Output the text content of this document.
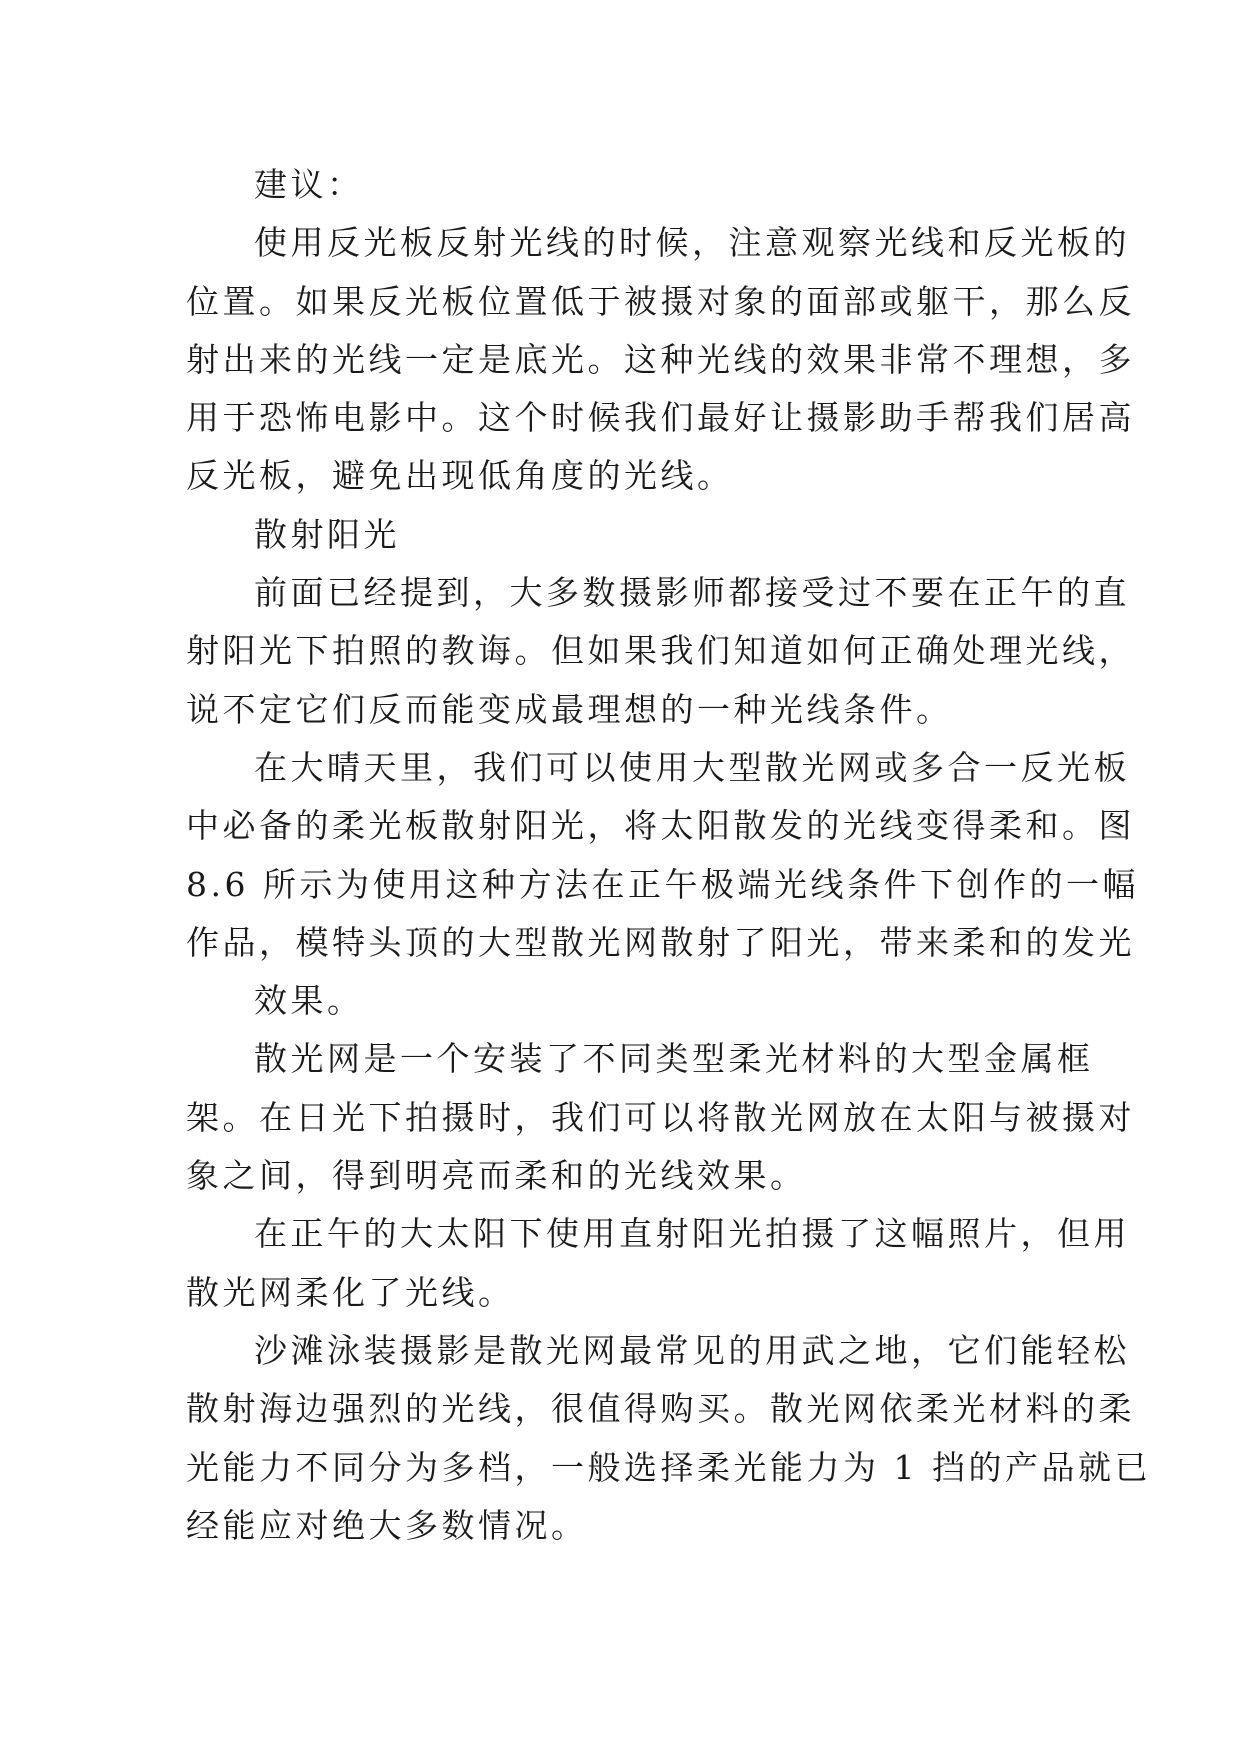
建议：
使用反光板反射光线的时候，注意观察光线和反光板的
位置。如果反光板位置低于被摄对象的面部或躯干，那么反
射出来的光线一定是底光。这种光线的效果非常不理想，多
用于恐怖电影中。这个时候我们最好让摄影助手帮我们居高
反光板，避免出现低角度的光线。
散射阳光
前面已经提到，大多数摄影师都接受过不要在正午的直
射阳光下拍照的教诲。但如果我们知道如何正确处理光线，
说不定它们反而能变成最理想的一种光线条件。
在大晴天里，我们可以使用大型散光网或多合一反光板
中必备的柔光板散射阳光，将太阳散发的光线变得柔和。图
8.6 所示为使用这种方法在正午极端光线条件下创作的一幅
作品，模特头顶的大型散光网散射了阳光，带来柔和的发光
效果。
散光网是一个安装了不同类型柔光材料的大型金属框
架。在日光下拍摄时，我们可以将散光网放在太阳与被摄对
象之间，得到明亮而柔和的光线效果。
在正午的大太阳下使用直射阳光拍摄了这幅照片，但用
散光网柔化了光线。
沙滩泳装摄影是散光网最常见的用武之地，它们能轻松
散射海边强烈的光线，很值得购买。散光网依柔光材料的柔
光能力不同分为多档，一般选择柔光能力为 1 挡的产品就已
经能应对绝大多数情况。
